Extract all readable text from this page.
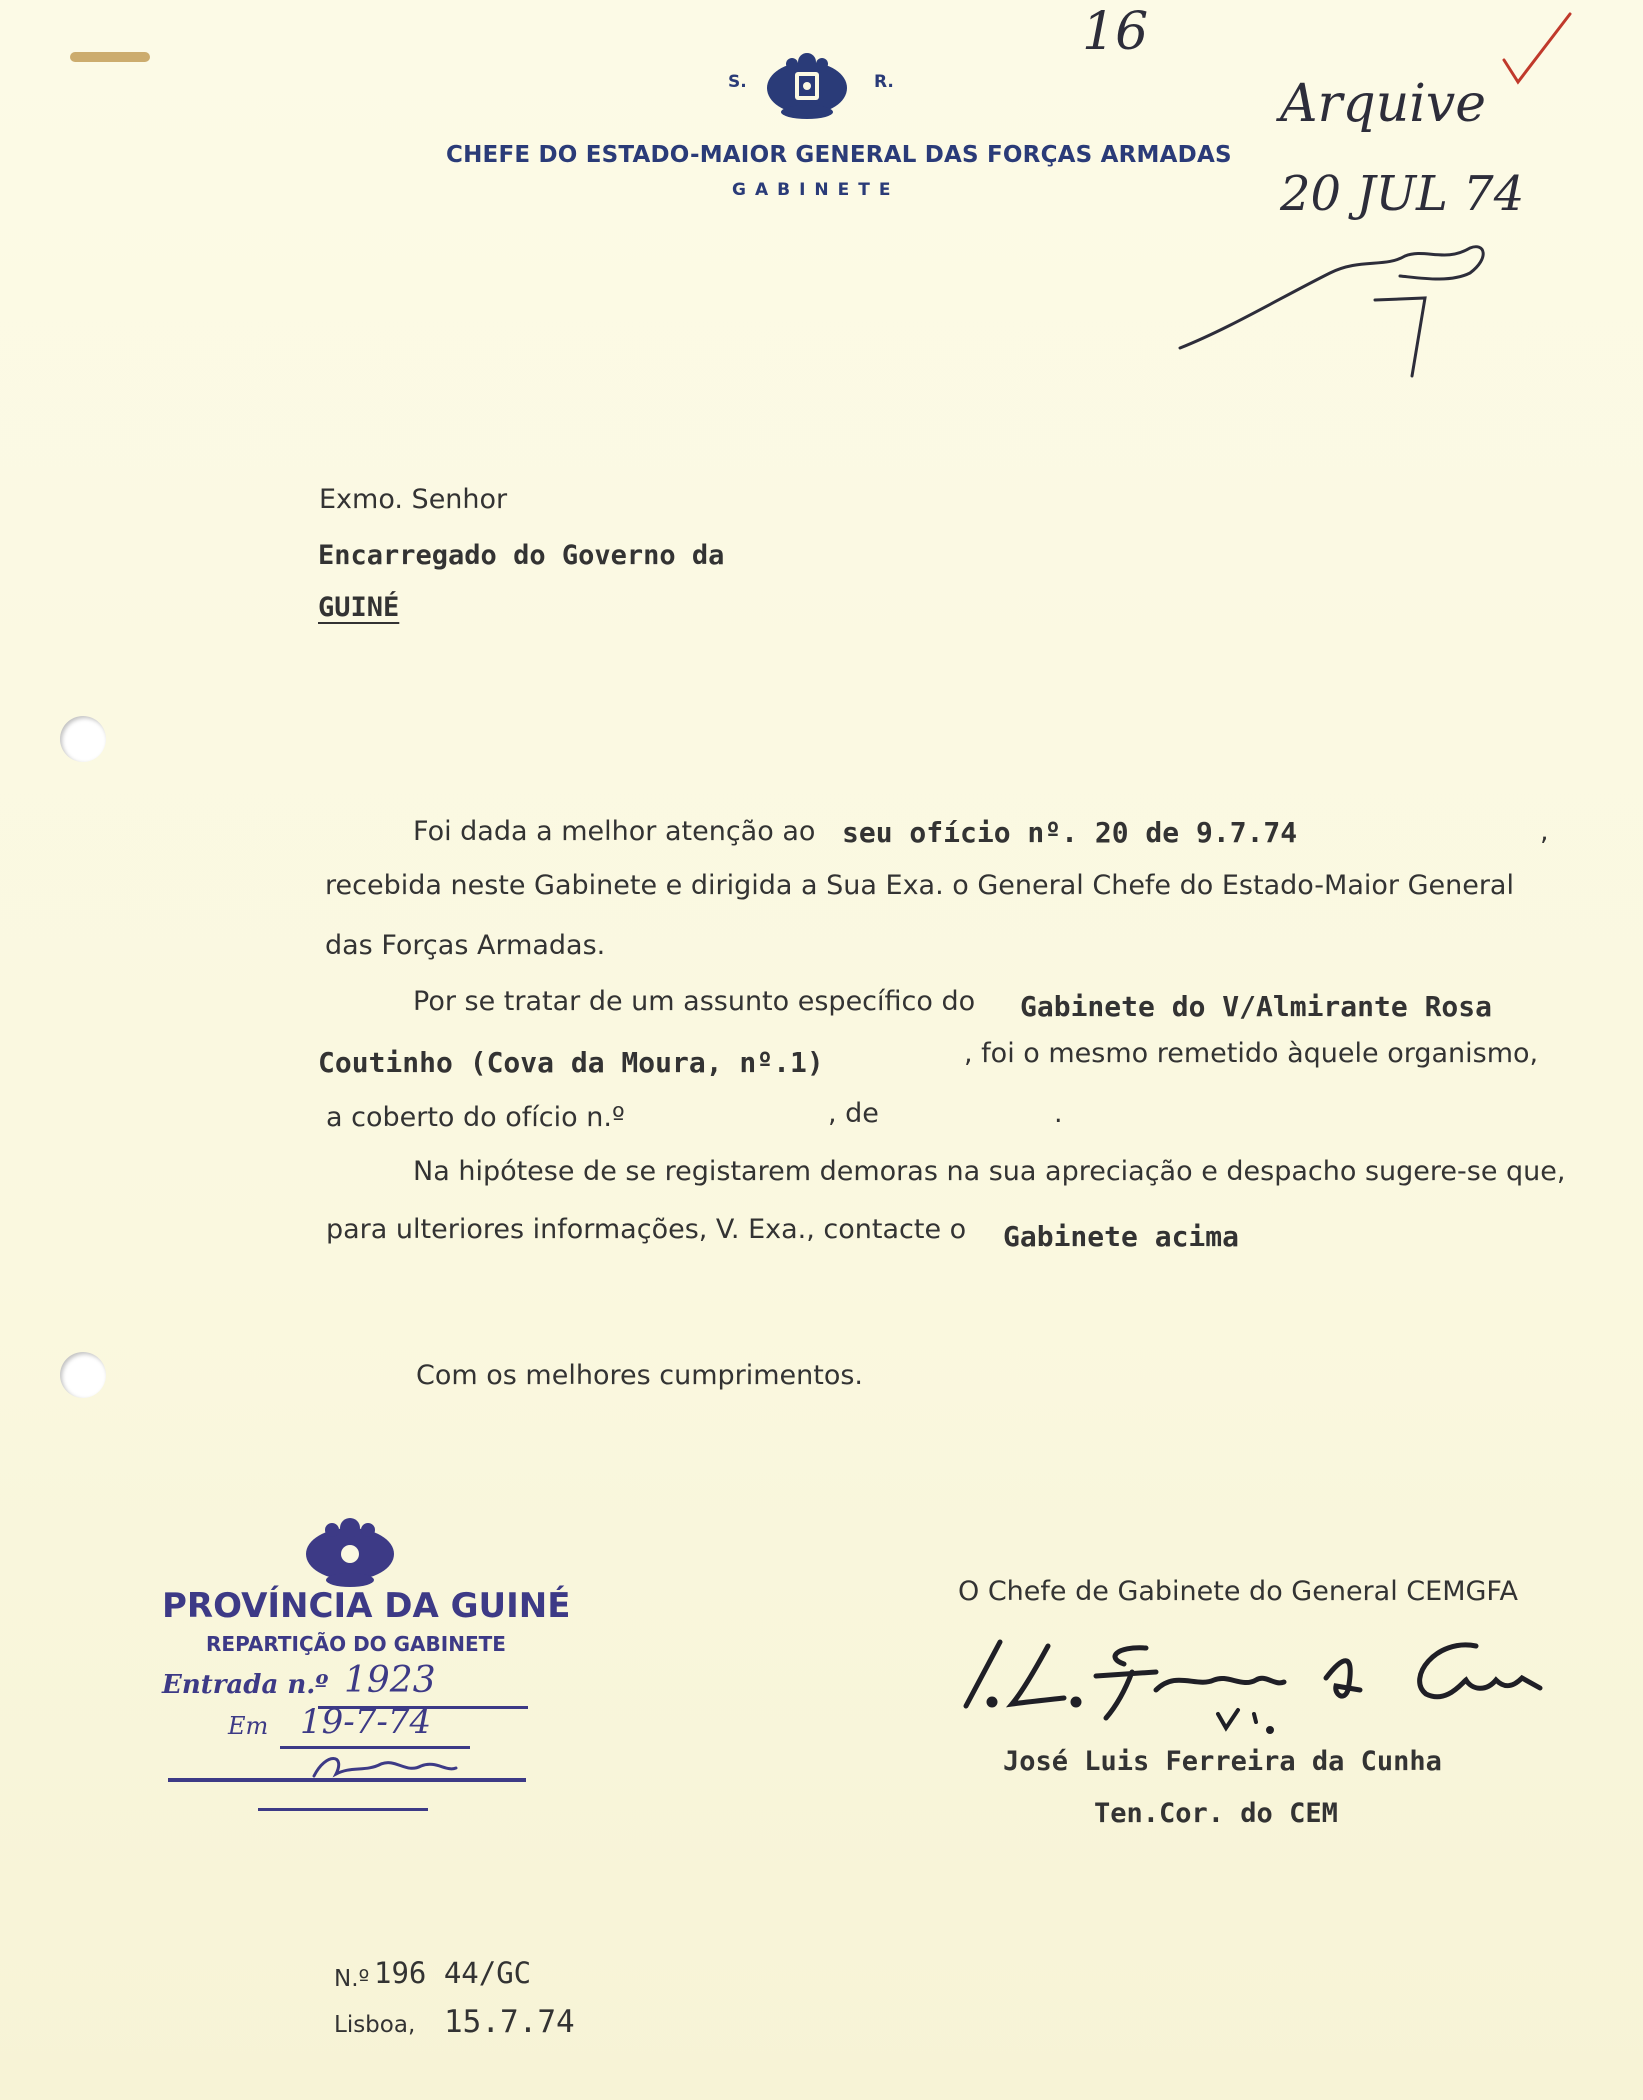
16
S.	R.
CHEFE DO ESTADO-MAIOR GENERAL DAS FORÇAS ARMADAS
GABINETE
Arquive
20 JUL 74
Exmo. Senhor
Encarregado do Governo da
GUINÉ
Foi dada a melhor atenção ao seu ofício nº. 20 de 9.7.74	,
recebida neste Gabinete e dirigida a Sua Exa. o General Chefe do Estado-Maior General
das Forças Armadas.
Por se tratar de um assunto específico do Gabinete do V/Almirante Rosa
Coutinho (Cova da Moura, nº.1)	, foi o mesmo remetido àquele organismo,
a coberto do ofício n.º	, de	.
Na hipótese de se registarem demoras na sua apreciação e despacho sugere-se que,
para ulteriores informações, V. Exa., contacte o Gabinete acima
Com os melhores cumprimentos.
PROVÍNCIA DA GUINÉ
REPARTIÇÃO DO GABINETE
Entrada n.º 1923
Em 19-7-74
O Chefe de Gabinete do General CEMGFA
José Luis Ferreira da Cunha
Ten.Cor. do CEM
N.º 196 44/GC
Lisboa, 15.7.74
